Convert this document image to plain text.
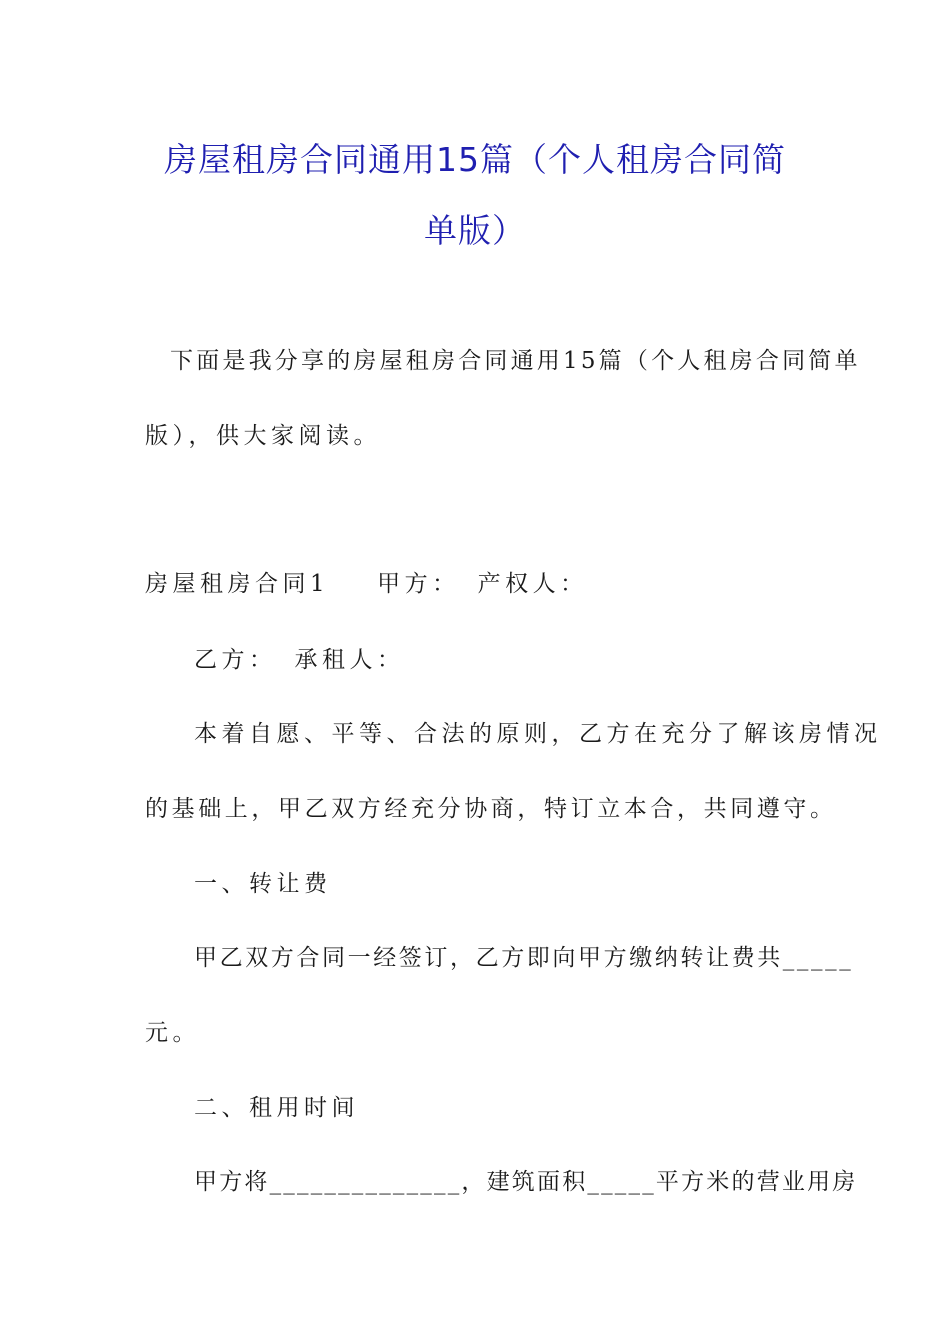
房屋租房合同通用15篇（个人租房合同简
单版）
下面是我分享的房屋租房合同通用15篇（个人租房合同简单
版），供大家阅读。
房屋租房合同1 甲方： 产权人：
乙方： 承租人：
本着自愿、平等、合法的原则，乙方在充分了解该房情况
的基础上，甲乙双方经充分协商，特订立本合，共同遵守。
一、转让费
甲乙双方合同一经签订，乙方即向甲方缴纳转让费共_____
元。
二、租用时间
甲方将______________，建筑面积_____平方米的营业用房
